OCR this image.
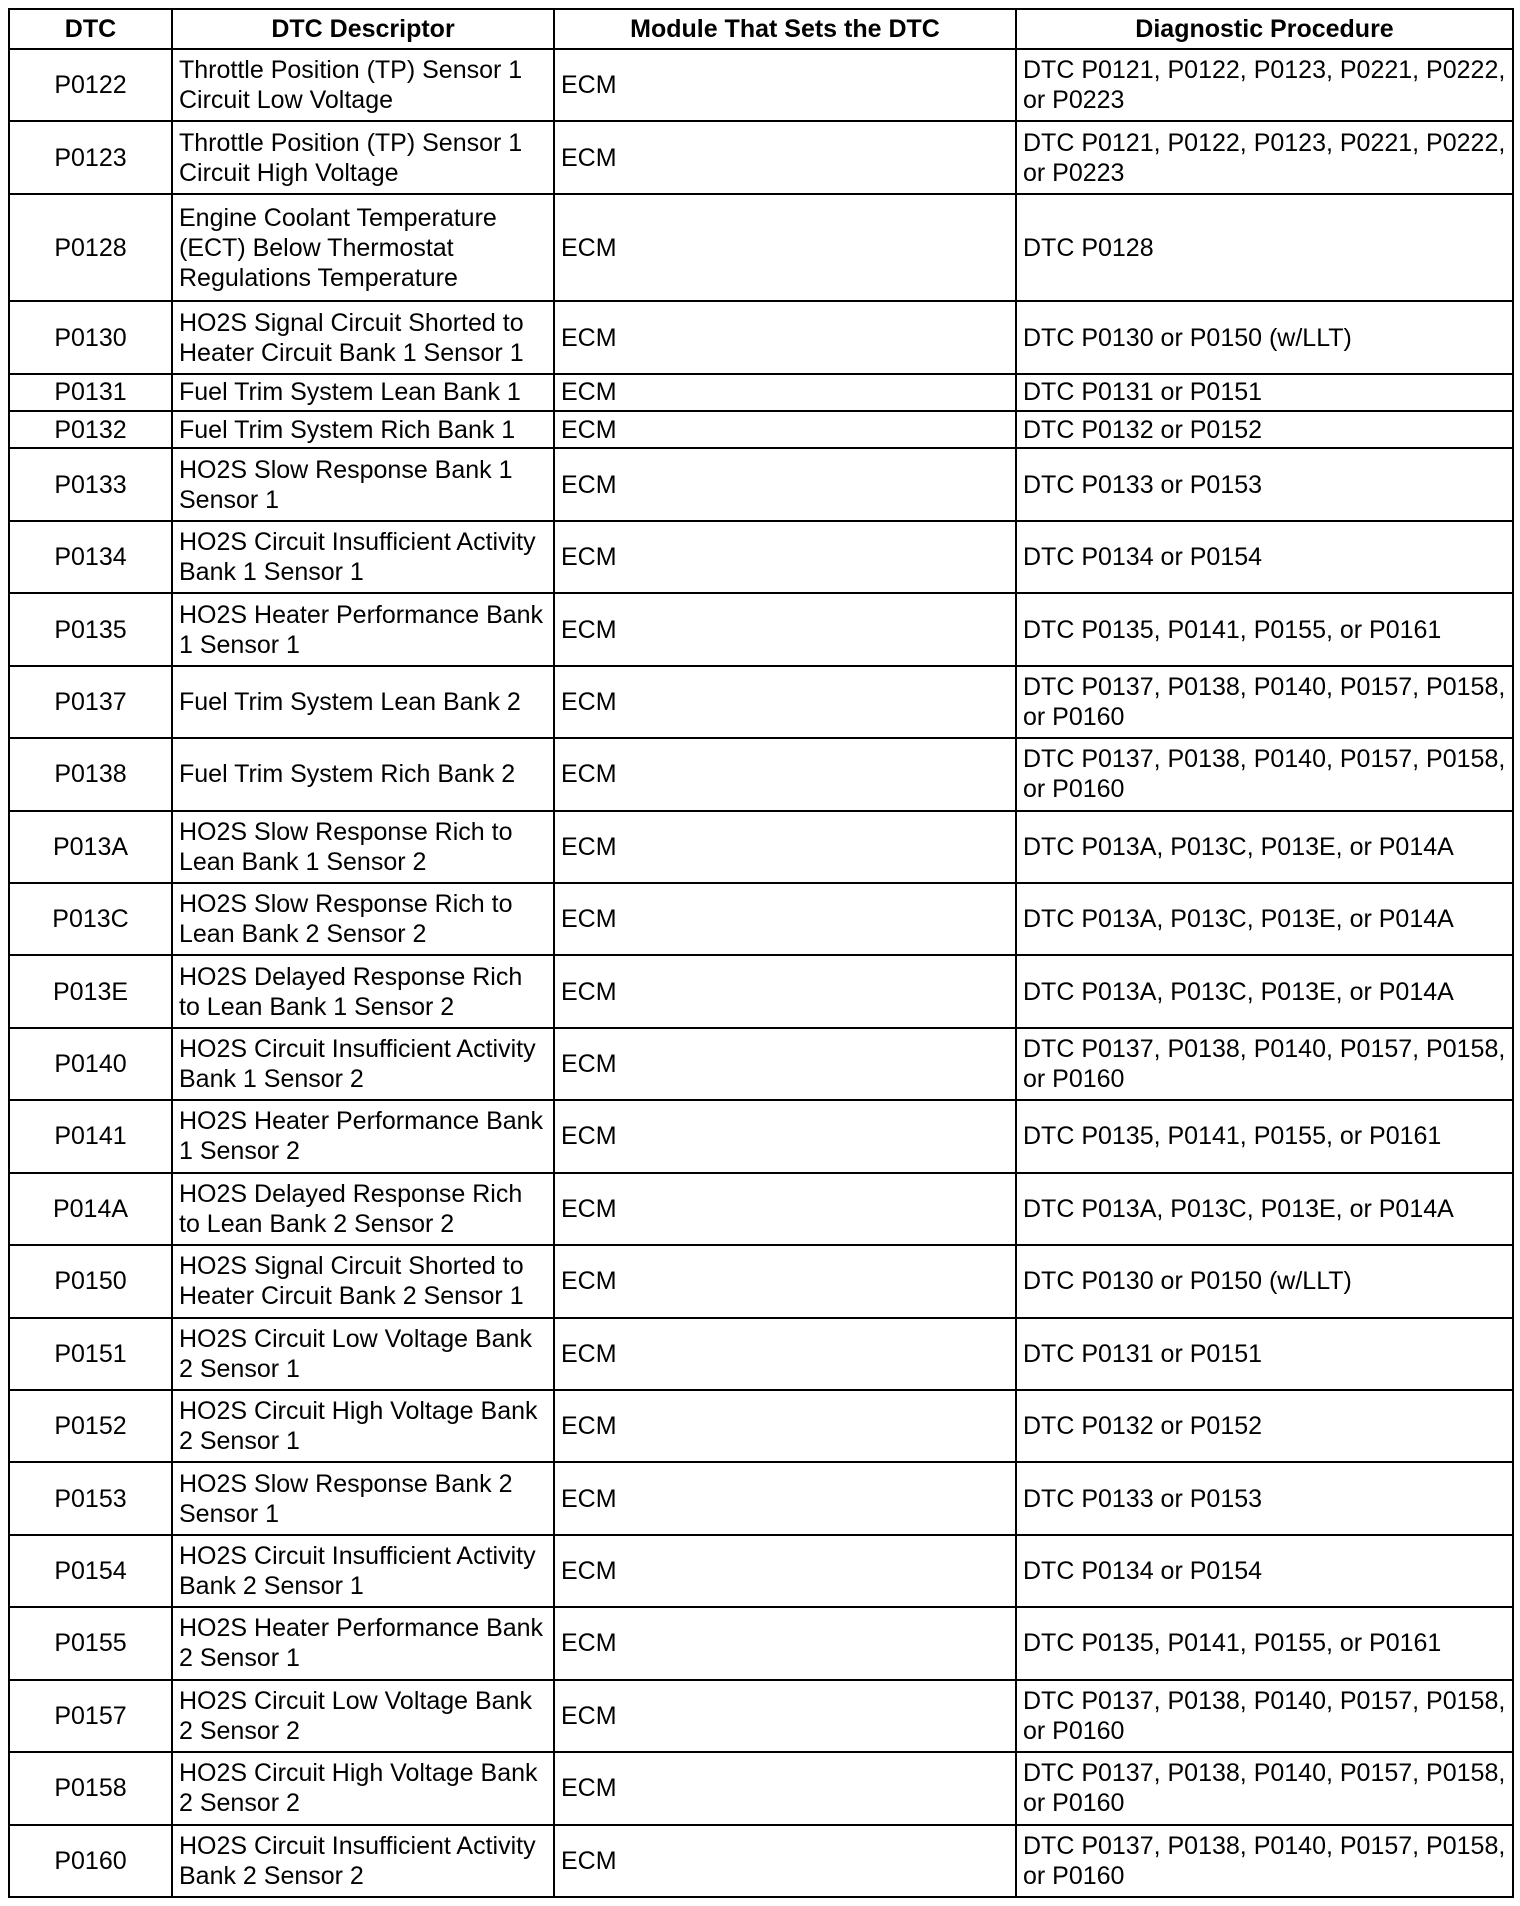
DTC	DTC Descriptor	Module That Sets the DTC	Diagnostic Procedure
P0122	Throttle Position (TP) Sensor 1 Circuit Low Voltage	ECM	DTC P0121, P0122, P0123, P0221, P0222, or P0223
P0123	Throttle Position (TP) Sensor 1 Circuit High Voltage	ECM	DTC P0121, P0122, P0123, P0221, P0222, or P0223
P0128	Engine Coolant Temperature (ECT) Below Thermostat Regulations Temperature	ECM	DTC P0128
P0130	HO2S Signal Circuit Shorted to Heater Circuit Bank 1 Sensor 1	ECM	DTC P0130 or P0150 (w/LLT)
P0131	Fuel Trim System Lean Bank 1	ECM	DTC P0131 or P0151
P0132	Fuel Trim System Rich Bank 1	ECM	DTC P0132 or P0152
P0133	HO2S Slow Response Bank 1 Sensor 1	ECM	DTC P0133 or P0153
P0134	HO2S Circuit Insufficient Activity Bank 1 Sensor 1	ECM	DTC P0134 or P0154
P0135	HO2S Heater Performance Bank 1 Sensor 1	ECM	DTC P0135, P0141, P0155, or P0161
P0137	Fuel Trim System Lean Bank 2	ECM	DTC P0137, P0138, P0140, P0157, P0158, or P0160
P0138	Fuel Trim System Rich Bank 2	ECM	DTC P0137, P0138, P0140, P0157, P0158, or P0160
P013A	HO2S Slow Response Rich to Lean Bank 1 Sensor 2	ECM	DTC P013A, P013C, P013E, or P014A
P013C	HO2S Slow Response Rich to Lean Bank 2 Sensor 2	ECM	DTC P013A, P013C, P013E, or P014A
P013E	HO2S Delayed Response Rich to Lean Bank 1 Sensor 2	ECM	DTC P013A, P013C, P013E, or P014A
P0140	HO2S Circuit Insufficient Activity Bank 1 Sensor 2	ECM	DTC P0137, P0138, P0140, P0157, P0158, or P0160
P0141	HO2S Heater Performance Bank 1 Sensor 2	ECM	DTC P0135, P0141, P0155, or P0161
P014A	HO2S Delayed Response Rich to Lean Bank 2 Sensor 2	ECM	DTC P013A, P013C, P013E, or P014A
P0150	HO2S Signal Circuit Shorted to Heater Circuit Bank 2 Sensor 1	ECM	DTC P0130 or P0150 (w/LLT)
P0151	HO2S Circuit Low Voltage Bank 2 Sensor 1	ECM	DTC P0131 or P0151
P0152	HO2S Circuit High Voltage Bank 2 Sensor 1	ECM	DTC P0132 or P0152
P0153	HO2S Slow Response Bank 2 Sensor 1	ECM	DTC P0133 or P0153
P0154	HO2S Circuit Insufficient Activity Bank 2 Sensor 1	ECM	DTC P0134 or P0154
P0155	HO2S Heater Performance Bank 2 Sensor 1	ECM	DTC P0135, P0141, P0155, or P0161
P0157	HO2S Circuit Low Voltage Bank 2 Sensor 2	ECM	DTC P0137, P0138, P0140, P0157, P0158, or P0160
P0158	HO2S Circuit High Voltage Bank 2 Sensor 2	ECM	DTC P0137, P0138, P0140, P0157, P0158, or P0160
P0160	HO2S Circuit Insufficient Activity Bank 2 Sensor 2	ECM	DTC P0137, P0138, P0140, P0157, P0158, or P0160
